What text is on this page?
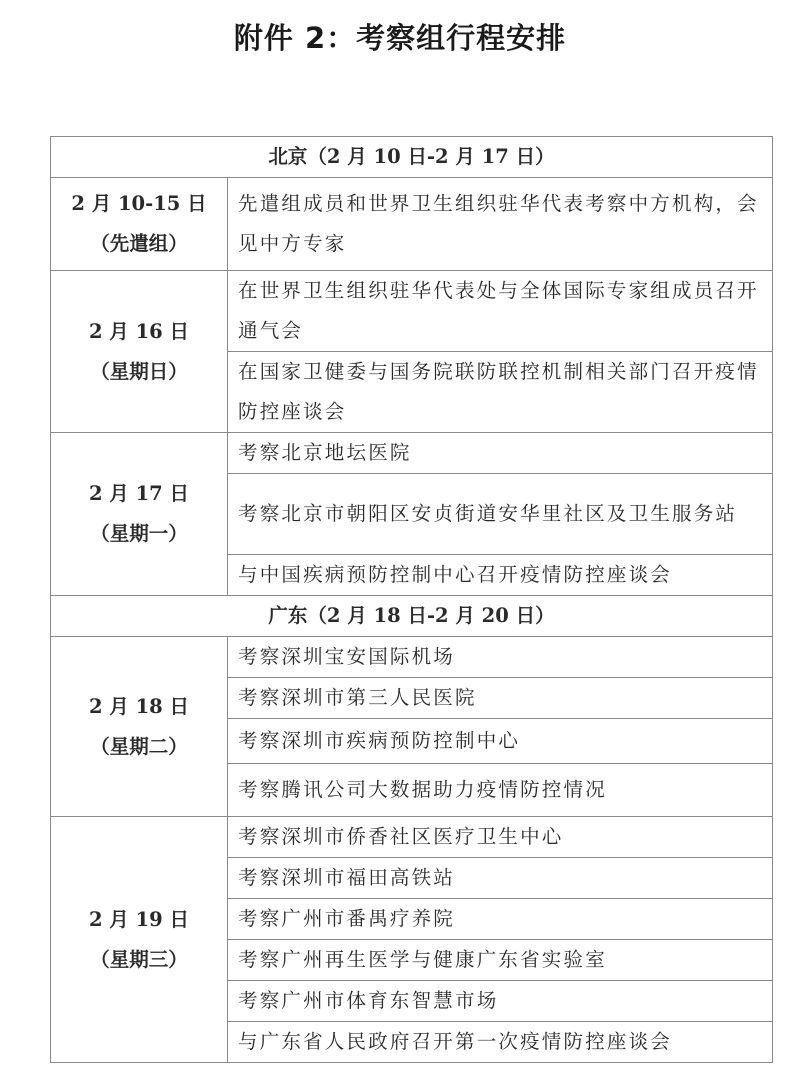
附件 2：考察组行程安排
北京（2 月 10 日-2 月 17 日）	

2 月 10-15 日
（先遣组）	先遣组成员和世界卫生组织驻华代表考察中方机构，会见中方专家

2 月 16 日
（星期日）	在世界卫生组织驻华代表处与全体国际专家组成员召开通气会
	在国家卫健委与国务院联防联控机制相关部门召开疫情防控座谈会

2 月 17 日
（星期一）	考察北京地坛医院
	考察北京市朝阳区安贞街道安华里社区及卫生服务站
	与中国疾病预防控制中心召开疫情防控座谈会
广东（2 月 18 日-2 月 20 日）	

2 月 18 日
（星期二）	考察深圳宝安国际机场
	考察深圳市第三人民医院
	考察深圳市疾病预防控制中心
	考察腾讯公司大数据助力疫情防控情况

2 月 19 日
（星期三）	考察深圳市侨香社区医疗卫生中心
	考察深圳市福田高铁站
	考察广州市番禺疗养院
	考察广州再生医学与健康广东省实验室
	考察广州市体育东智慧市场
	与广东省人民政府召开第一次疫情防控座谈会
